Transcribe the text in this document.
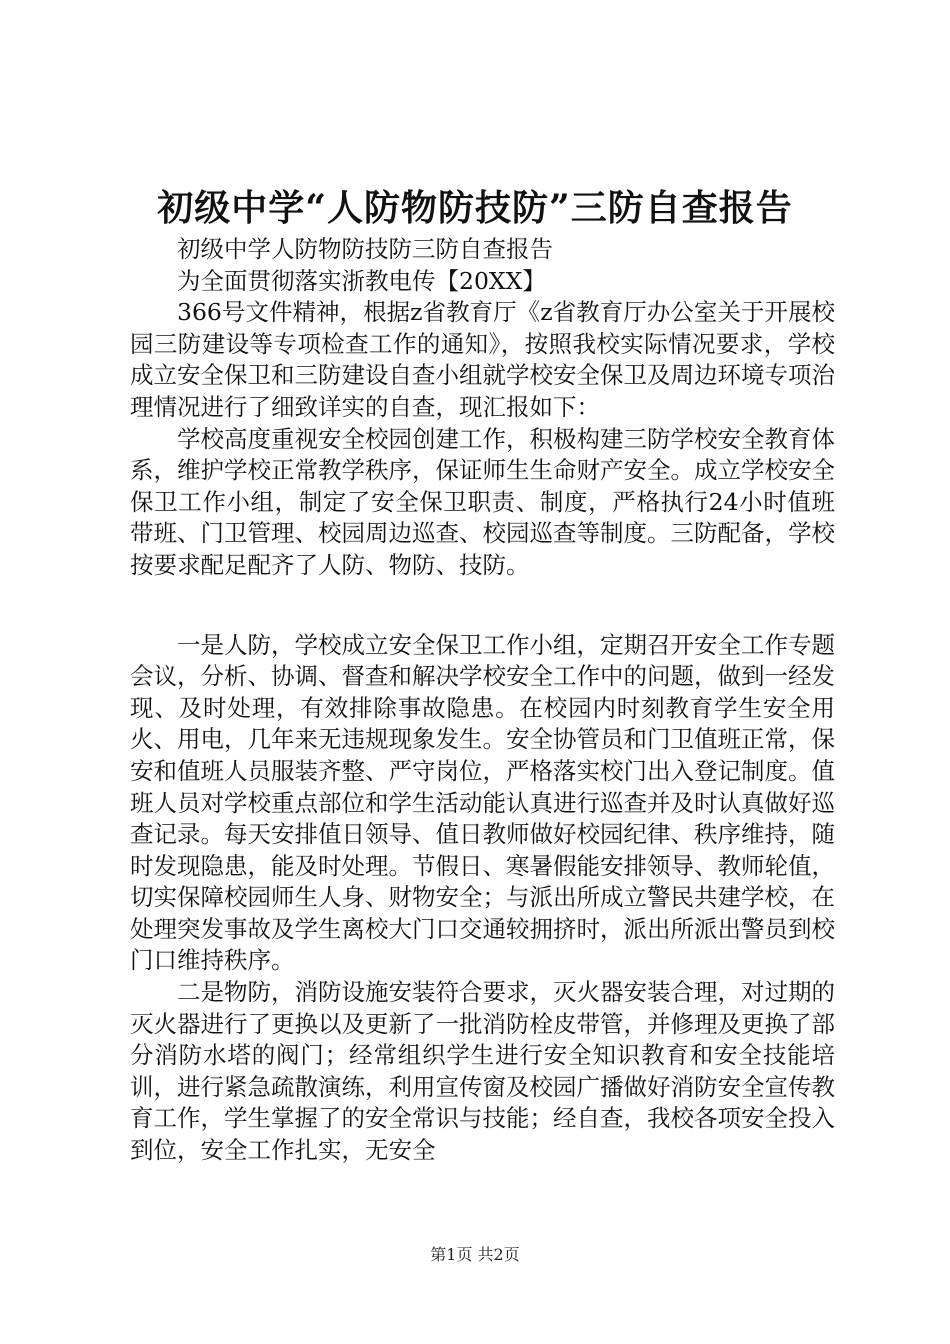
初级中学“人防物防技防”三防自查报告

初级中学人防物防技防三防自查报告

为全面贯彻落实浙教电传【20XX】

366号文件精神，根据z省教育厅《z省教育厅办公室关于开展校园三防建设等专项检查工作的通知》，按照我校实际情况要求，学校成立安全保卫和三防建设自查小组就学校安全保卫及周边环境专项治理情况进行了细致详实的自查，现汇报如下：

学校高度重视安全校园创建工作，积极构建三防学校安全教育体系，维护学校正常教学秩序，保证师生生命财产安全。成立学校安全保卫工作小组，制定了安全保卫职责、制度，严格执行24小时值班带班、门卫管理、校园周边巡查、校园巡查等制度。三防配备，学校按要求配足配齐了人防、物防、技防。

一是人防，学校成立安全保卫工作小组，定期召开安全工作专题会议，分析、协调、督查和解决学校安全工作中的问题，做到一经发现、及时处理，有效排除事故隐患。在校园内时刻教育学生安全用火、用电，几年来无违规现象发生。安全协管员和门卫值班正常，保安和值班人员服装齐整、严守岗位，严格落实校门出入登记制度。值班人员对学校重点部位和学生活动能认真进行巡查并及时认真做好巡查记录。每天安排值日领导、值日教师做好校园纪律、秩序维持，随时发现隐患，能及时处理。节假日、寒暑假能安排领导、教师轮值，切实保障校园师生人身、财物安全；与派出所成立警民共建学校，在处理突发事故及学生离校大门口交通较拥挤时，派出所派出警员到校门口维持秩序。

二是物防，消防设施安装符合要求，灭火器安装合理，对过期的灭火器进行了更换以及更新了一批消防栓皮带管，并修理及更换了部分消防水塔的阀门；经常组织学生进行安全知识教育和安全技能培训，进行紧急疏散演练，利用宣传窗及校园广播做好消防安全宣传教育工作，学生掌握了的安全常识与技能；经自查，我校各项安全投入到位，安全工作扎实，无安全

第1页 共2页
